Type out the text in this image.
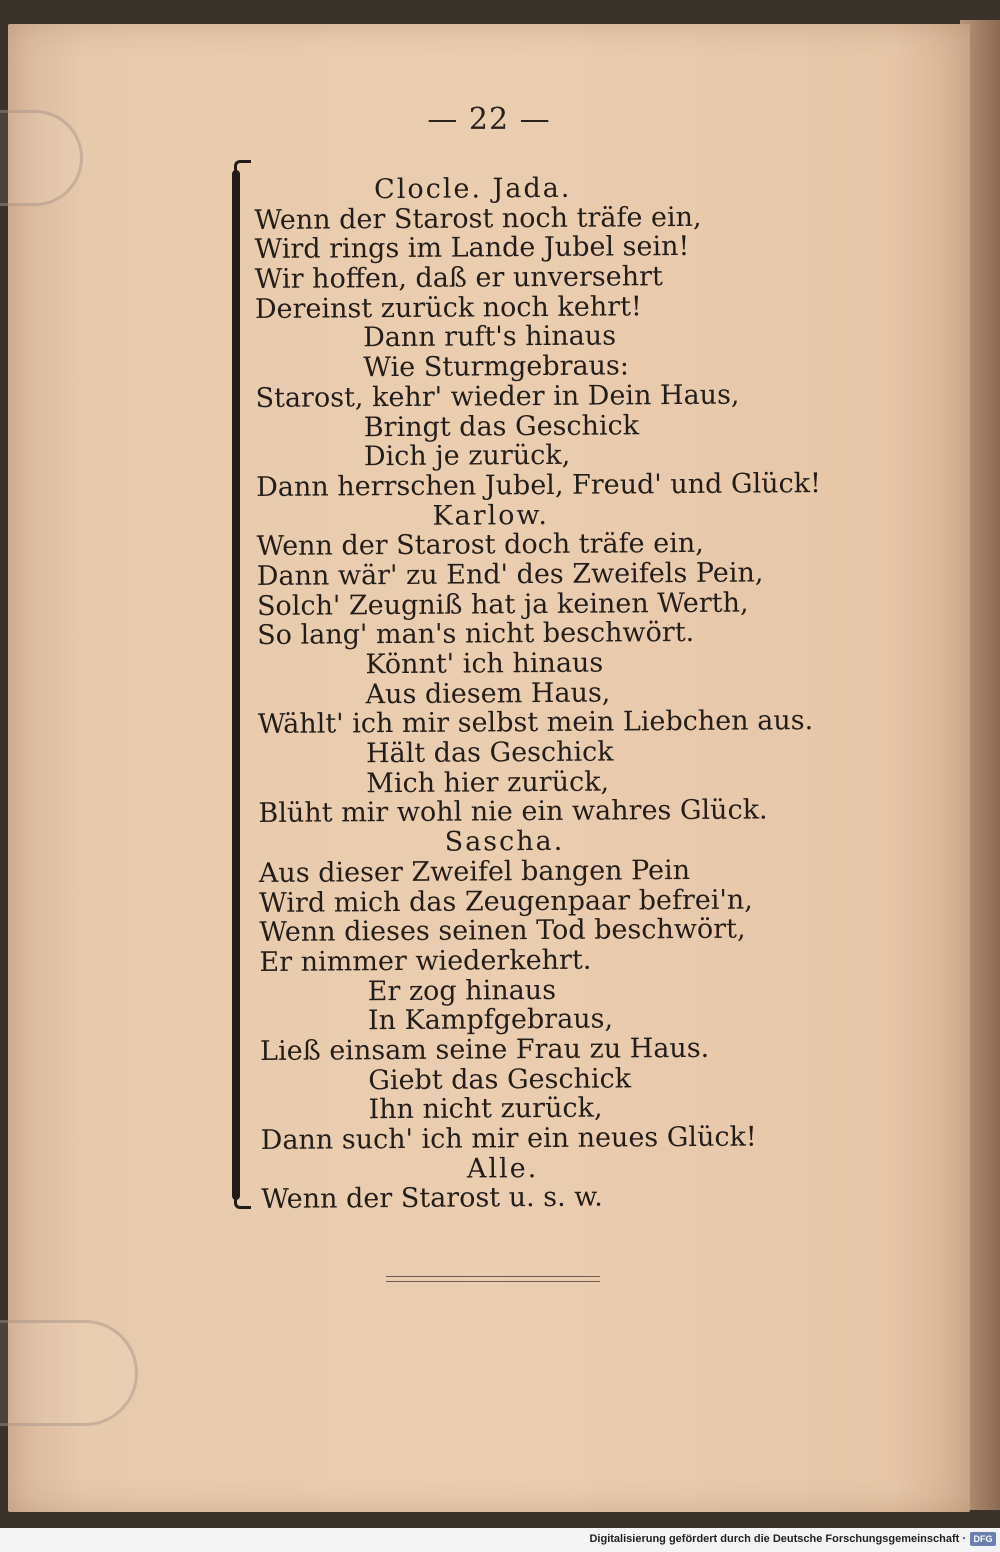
— 22 —
Clocle. Jada.
Wenn der Starost noch träfe ein,
Wird rings im Lande Jubel sein!
Wir hoffen, daß er unversehrt
Dereinst zurück noch kehrt!
Dann ruft's hinaus
Wie Sturmgebraus:
Starost, kehr' wieder in Dein Haus,
Bringt das Geschick
Dich je zurück,
Dann herrschen Jubel, Freud' und Glück!
Karlow.
Wenn der Starost doch träfe ein,
Dann wär' zu End' des Zweifels Pein,
Solch' Zeugniß hat ja keinen Werth,
So lang' man's nicht beschwört.
Könnt' ich hinaus
Aus diesem Haus,
Wählt' ich mir selbst mein Liebchen aus.
Hält das Geschick
Mich hier zurück,
Blüht mir wohl nie ein wahres Glück.
Sascha.
Aus dieser Zweifel bangen Pein
Wird mich das Zeugenpaar befrei'n,
Wenn dieses seinen Tod beschwört,
Er nimmer wiederkehrt.
Er zog hinaus
In Kampfgebraus,
Ließ einsam seine Frau zu Haus.
Giebt das Geschick
Ihn nicht zurück,
Dann such' ich mir ein neues Glück!
Alle.
Wenn der Starost u. s. w.
Digitalisierung gefördert durch die Deutsche Forschungsgemeinschaft · DFG
